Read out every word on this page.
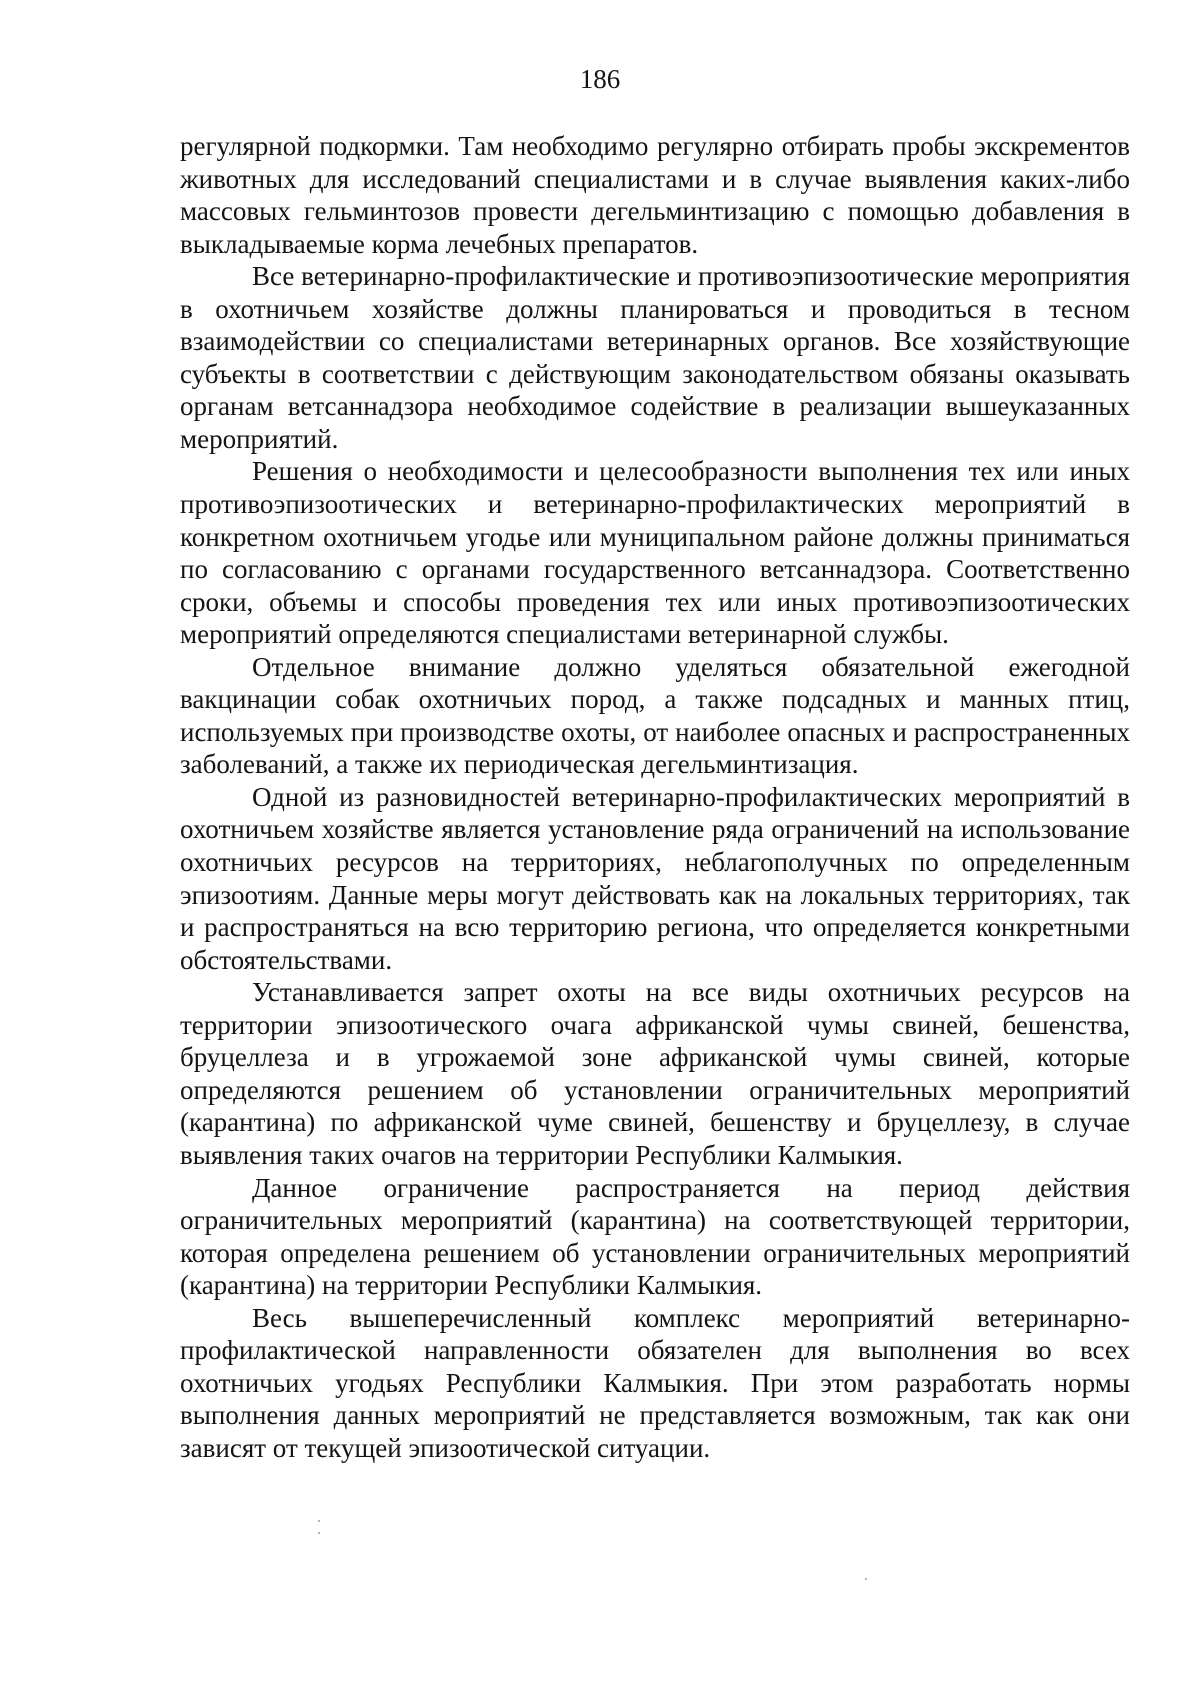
186

регулярной подкормки. Там необходимо регулярно отбирать пробы экскрементов животных для исследований специалистами и в случае выявления каких-либо массовых гельминтозов провести дегельминтизацию с помощью добавления в выкладываемые корма лечебных препаратов.

Все ветеринарно-профилактические и противоэпизоотические мероприятия в охотничьем хозяйстве должны планироваться и проводиться в тесном взаимодействии со специалистами ветеринарных органов. Все хозяйствующие субъекты в соответствии с действующим законодательством обязаны оказывать органам ветсаннадзора необходимое содействие в реализации вышеуказанных мероприятий.

Решения о необходимости и целесообразности выполнения тех или иных противоэпизоотических и ветеринарно-профилактических мероприятий в конкретном охотничьем угодье или муниципальном районе должны приниматься по согласованию с органами государственного ветсаннадзора. Соответственно сроки, объемы и способы проведения тех или иных противоэпизоотических мероприятий определяются специалистами ветеринарной службы.

Отдельное внимание должно уделяться обязательной ежегодной вакцинации собак охотничьих пород, а также подсадных и манных птиц, используемых при производстве охоты, от наиболее опасных и распространенных заболеваний, а также их периодическая дегельминтизация.

Одной из разновидностей ветеринарно-профилактических мероприятий в охотничьем хозяйстве является установление ряда ограничений на использование охотничьих ресурсов на территориях, неблагополучных по определенным эпизоотиям. Данные меры могут действовать как на локальных территориях, так и распространяться на всю территорию региона, что определяется конкретными обстоятельствами.

Устанавливается запрет охоты на все виды охотничьих ресурсов на территории эпизоотического очага африканской чумы свиней, бешенства, бруцеллеза и в угрожаемой зоне африканской чумы свиней, которые определяются решением об установлении ограничительных мероприятий (карантина) по африканской чуме свиней, бешенству и бруцеллезу, в случае выявления таких очагов на территории Республики Калмыкия.

Данное ограничение распространяется на период действия ограничительных мероприятий (карантина) на соответствующей территории, которая определена решением об установлении ограничительных мероприятий (карантина) на территории Республики Калмыкия.

Весь вышеперечисленный комплекс мероприятий ветеринарно-профилактической направленности обязателен для выполнения во всех охотничьих угодьях Республики Калмыкия. При этом разработать нормы выполнения данных мероприятий не представляется возможным, так как они зависят от текущей эпизоотической ситуации.
